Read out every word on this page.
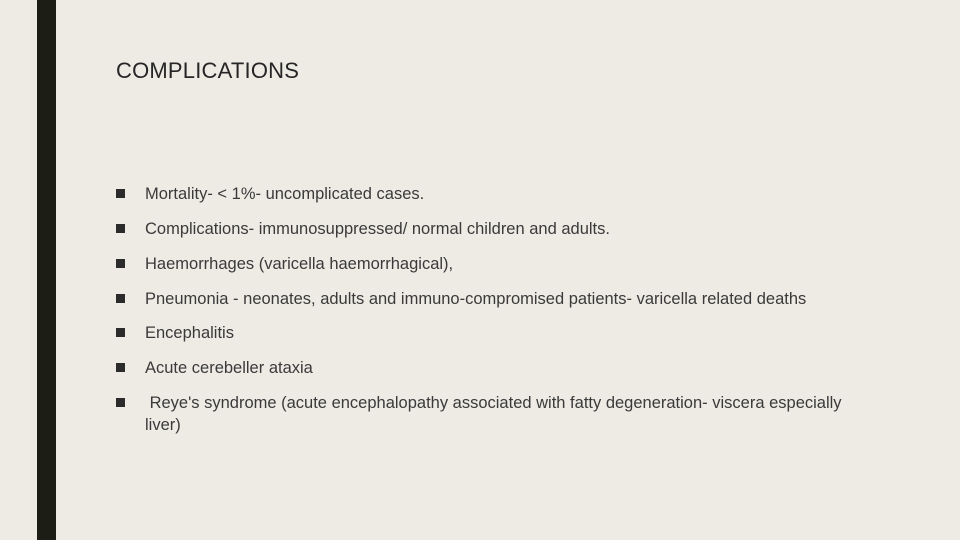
COMPLICATIONS
Mortality- < 1%- uncomplicated cases.
Complications- immunosuppressed/ normal children and adults.
Haemorrhages (varicella haemorrhagical),
Pneumonia - neonates, adults and immuno-compromised patients- varicella related deaths
Encephalitis
Acute cerebeller ataxia
Reye's syndrome (acute encephalopathy associated with fatty degeneration- viscera especially liver)
